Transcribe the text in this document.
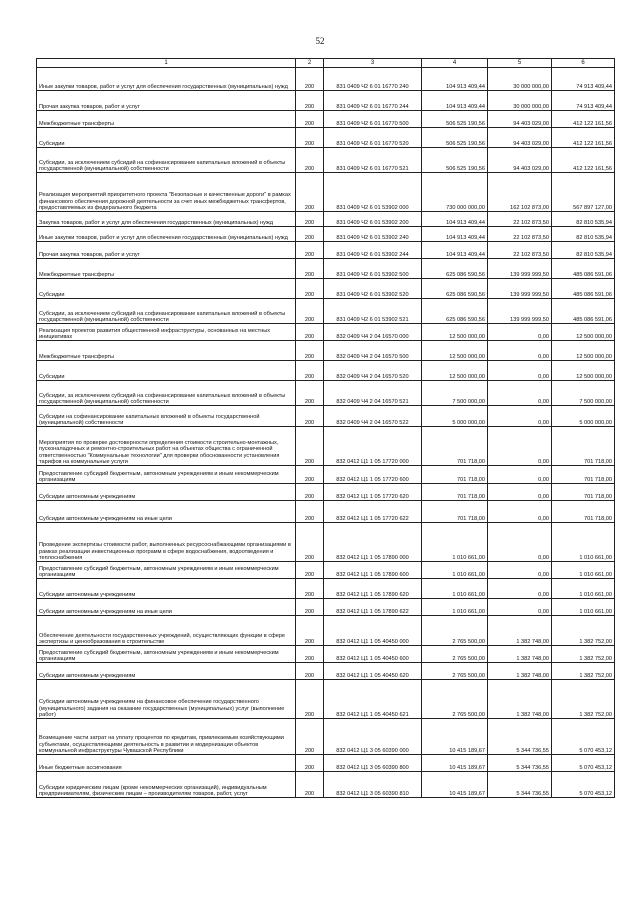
52
1	2	3	4	5	6
Иные закупки товаров, работ и услуг для обеспечения государственных (муниципальных) нужд	200	831 0409 Ч2 6 01 16770 240	104 913 409,44	30 000 000,00	74 913 409,44
Прочая закупка товаров, работ и услуг	200	831 0409 Ч2 6 01 16770 244	104 913 409,44	30 000 000,00	74 913 409,44
Межбюджетные трансферты	200	831 0409 Ч2 6 01 16770 500	506 525 190,56	94 403 029,00	412 122 161,56
Субсидии	200	831 0409 Ч2 6 01 16770 520	506 525 190,56	94 403 029,00	412 122 161,56
Субсидии, за исключением субсидий на софинансирование капитальных вложений в объекты государственной (муниципальной) собственности	200	831 0409 Ч2 6 01 16770 521	506 525 190,56	94 403 029,00	412 122 161,56
Реализация мероприятий приоритетного проекта "Безопасные и качественные дороги" в рамках финансового обеспечения дорожной деятельности за счет иных межбюджетных трансфертов, предоставляемых из федерального бюджета	200	831 0409 Ч2 6 01 53902 000	730 000 000,00	162 102 873,00	567 897 127,00
Закупка товаров, работ и услуг для обеспечения государственных (муниципальных) нужд	200	831 0409 Ч2 6 01 53902 200	104 913 409,44	22 102 873,50	82 810 535,94
Иные закупки товаров, работ и услуг для обеспечения государственных (муниципальных) нужд	200	831 0409 Ч2 6 01 53902 240	104 913 409,44	22 102 873,50	82 810 535,94
Прочая закупка товаров, работ и услуг	200	831 0409 Ч2 6 01 53902 244	104 913 409,44	22 102 873,50	82 810 535,94
Межбюджетные трансферты	200	831 0409 Ч2 6 01 53902 500	625 086 590,56	139 999 999,50	485 086 591,06
Субсидии	200	831 0409 Ч2 6 01 53902 520	625 086 590,56	139 999 999,50	485 086 591,06
Субсидии, за исключением субсидий на софинансирование капитальных вложений в объекты государственной (муниципальной) собственности	200	831 0409 Ч2 6 01 53902 521	625 086 590,56	139 999 999,50	485 086 591,06
Реализация проектов развития общественной инфраструктуры, основанных на местных инициативах	200	832 0409 Ч4 2 04 16570 000	12 500 000,00	0,00	12 500 000,00
Межбюджетные трансферты	200	832 0409 Ч4 2 04 16570 500	12 500 000,00	0,00	12 500 000,00
Субсидии	200	832 0409 Ч4 2 04 16570 520	12 500 000,00	0,00	12 500 000,00
Субсидии, за исключением субсидий на софинансирование капитальных вложений в объекты государственной (муниципальной) собственности	200	832 0409 Ч4 2 04 16570 521	7 500 000,00	0,00	7 500 000,00
Субсидии на софинансирование капитальных вложений в объекты государственной (муниципальной) собственности	200	832 0409 Ч4 2 04 16570 522	5 000 000,00	0,00	5 000 000,00
Мероприятия по проверке достоверности определения стоимости строительно-монтажных, пусконаладочных и ремонтно-строительных работ на объектах общества с ограниченной ответственностью "Коммунальные технологии" для проверки обоснованности установления тарифов на коммунальные услуги	200	832 0412 Ц1 1 05 17720 000	701 718,00	0,00	701 718,00
Предоставление субсидий бюджетным, автономным учреждениям и иным некоммерческим организациям	200	832 0412 Ц1 1 05 17720 600	701 718,00	0,00	701 718,00
Субсидии автономным учреждениям	200	832 0412 Ц1 1 05 17720 620	701 718,00	0,00	701 718,00
Субсидии автономным учреждениям на иные цели	200	832 0412 Ц1 1 05 17720 622	701 718,00	0,00	701 718,00
Проведение экспертизы стоимости работ, выполненных ресурсоснабжающими организациями в рамках реализации инвестиционных программ в сфере водоснабжения, водоотведения и теплоснабжения	200	832 0412 Ц1 1 05 17890 000	1 010 661,00	0,00	1 010 661,00
Предоставление субсидий бюджетным, автономным учреждениям и иным некоммерческим организациям	200	832 0412 Ц1 1 05 17890 600	1 010 661,00	0,00	1 010 661,00
Субсидии автономным учреждениям	200	832 0412 Ц1 1 05 17890 620	1 010 661,00	0,00	1 010 661,00
Субсидии автономным учреждениям на иные цели	200	832 0412 Ц1 1 05 17890 622	1 010 661,00	0,00	1 010 661,00
Обеспечение деятельности государственных учреждений, осуществляющих функции в сфере экспертизы и ценообразования в строительстве	200	832 0412 Ц1 1 05 40450 000	2 765 500,00	1 382 748,00	1 382 752,00
Предоставление субсидий бюджетным, автономным учреждениям и иным некоммерческим организациям	200	832 0412 Ц1 1 05 40450 600	2 765 500,00	1 382 748,00	1 382 752,00
Субсидии автономным учреждениям	200	832 0412 Ц1 1 05 40450 620	2 765 500,00	1 382 748,00	1 382 752,00
Субсидии автономным учреждениям на финансовое обеспечение государственного (муниципального) задания на оказание государственных (муниципальных) услуг (выполнение работ)	200	832 0412 Ц1 1 05 40450 621	2 765 500,00	1 382 748,00	1 382 752,00
Возмещение части затрат на уплату процентов по кредитам, привлекаемым хозяйствующими субъектами, осуществляющими деятельность в развитии и модернизации объектов коммунальной инфраструктуры Чувашской Республики	200	832 0412 Ц1 3 05 60390 000	10 415 189,67	5 344 736,55	5 070 453,12
Иные бюджетные ассигнования	200	832 0412 Ц1 3 05 60390 800	10 415 189,67	5 344 736,55	5 070 453,12
Субсидии юридическим лицам (кроме некоммерческих организаций), индивидуальным предпринимателям, физическим лицам – производителям товаров, работ, услуг	200	832 0412 Ц1 3 05 60390 810	10 415 189,67	5 344 736,55	5 070 453,12
